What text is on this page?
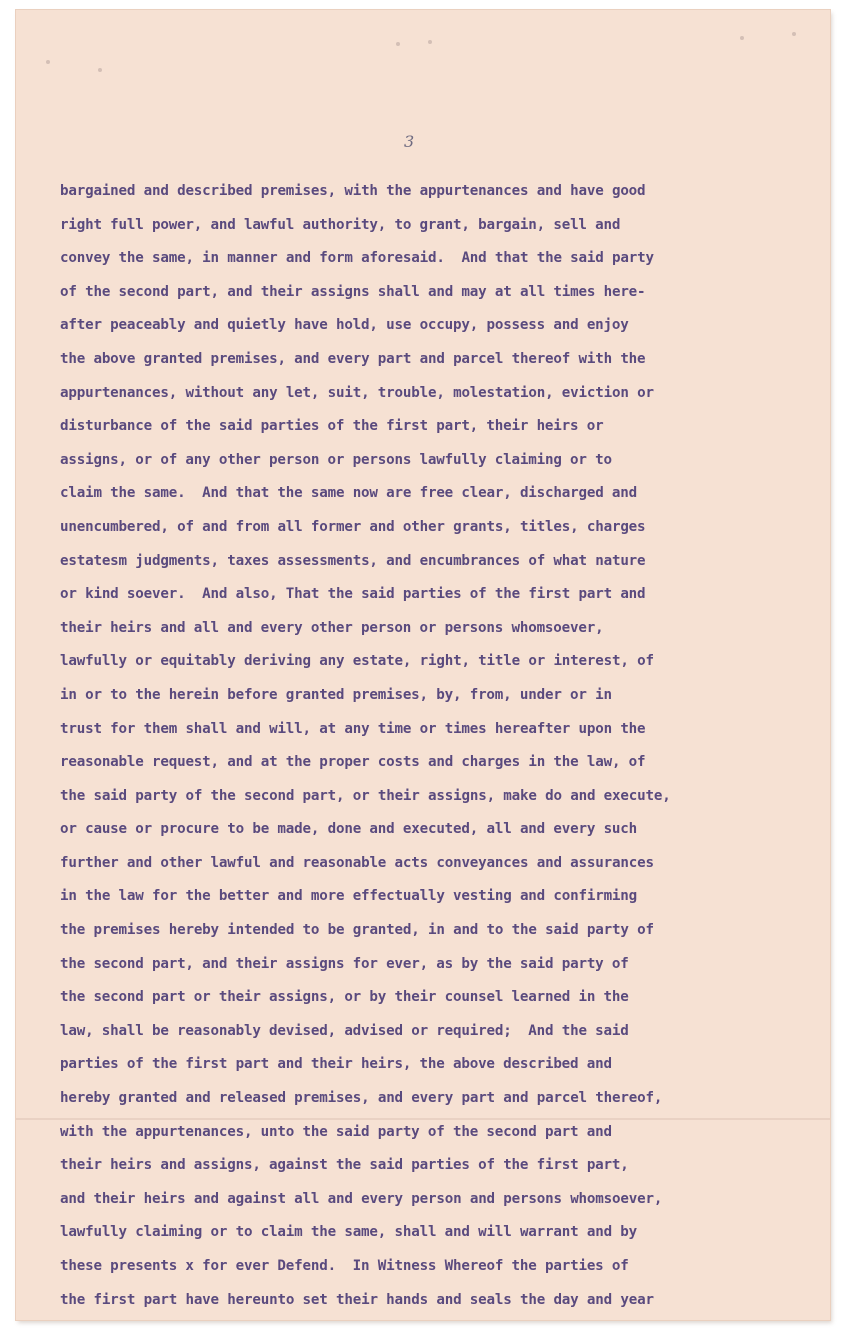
3
bargained and described premises, with the appurtenances and have good
right full power, and lawful authority, to grant, bargain, sell and
convey the same, in manner and form aforesaid.  And that the said party
of the second part, and their assigns shall and may at all times here-
after peaceably and quietly have hold, use occupy, possess and enjoy
the above granted premises, and every part and parcel thereof with the
appurtenances, without any let, suit, trouble, molestation, eviction or
disturbance of the said parties of the first part, their heirs or
assigns, or of any other person or persons lawfully claiming or to
claim the same.  And that the same now are free clear, discharged and
unencumbered, of and from all former and other grants, titles, charges
estatesm judgments, taxes assessments, and encumbrances of what nature
or kind soever.  And also, That the said parties of the first part and
their heirs and all and every other person or persons whomsoever,
lawfully or equitably deriving any estate, right, title or interest, of
in or to the herein before granted premises, by, from, under or in
trust for them shall and will, at any time or times hereafter upon the
reasonable request, and at the proper costs and charges in the law, of
the said party of the second part, or their assigns, make do and execute,
or cause or procure to be made, done and executed, all and every such
further and other lawful and reasonable acts conveyances and assurances
in the law for the better and more effectually vesting and confirming
the premises hereby intended to be granted, in and to the said party of
the second part, and their assigns for ever, as by the said party of
the second part or their assigns, or by their counsel learned in the
law, shall be reasonably devised, advised or required;  And the said
parties of the first part and their heirs, the above described and
hereby granted and released premises, and every part and parcel thereof,
with the appurtenances, unto the said party of the second part and
their heirs and assigns, against the said parties of the first part,
and their heirs and against all and every person and persons whomsoever,
lawfully claiming or to claim the same, shall and will warrant and by
these presents x for ever Defend.  In Witness Whereof the parties of
the first part have hereunto set their hands and seals the day and year
